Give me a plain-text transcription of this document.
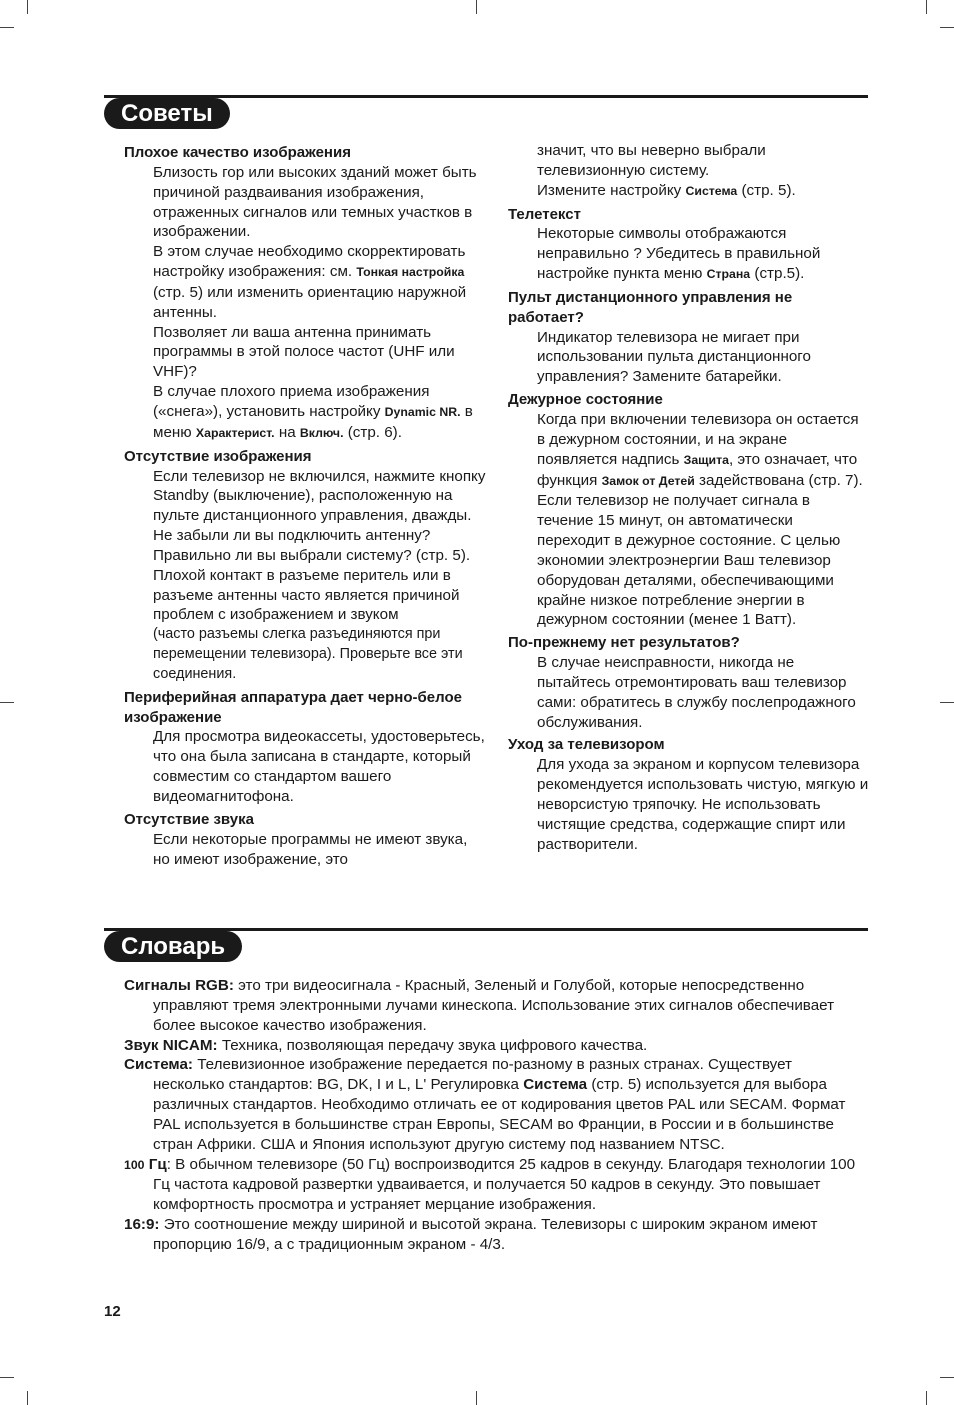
Советы

Плохое качество изображения

Близость гор или высоких зданий может быть причиной раздваивания изображения, отраженных сигналов или темных участков в изображении.

В этом случае необходимо скорректировать настройку изображения: см. Тонкая настройка (стр. 5) или изменить ориентацию наружной антенны.

Позволяет ли ваша антенна принимать программы в этой полосе частот (UHF или VHF)?

В случае плохого приема изображения («снега»), установить настройку Dynamic NR. в меню Характерист. на Включ. (стр. 6).

Отсутствие изображения

Если телевизор не включился, нажмите кнопку Standby (выключение), расположенную на пульте дистанционного управления, дважды.

Не забыли ли вы подключить антенну?

Правильно ли вы выбрали систему? (стр. 5).

Плохой контакт в разъеме перитель или в разъеме антенны часто является причиной проблем с изображением и звуком

(часто разъемы слегка разъединяются при перемещении телевизора). Проверьте все эти соединения.

Периферийная аппаратура дает черно-белое изображение

Для просмотра видеокассеты, удостоверьтесь, что она была записана в стандарте, который совместим со стандартом вашего видеомагнитофона.

Отсутствие звука

Если некоторые программы не имеют звука, но имеют изображение, это

значит, что вы неверно выбрали телевизионную систему.

Измените настройку Система (стр. 5).

Телетекст

Некоторые символы отображаются неправильно ? Убедитесь в правильной настройке пункта меню Страна (стр.5).

Пульт дистанционного управления не работает?

Индикатор телевизора не мигает при использовании пульта дистанционного управления? Замените батарейки.

Дежурное состояние

Когда при включении телевизора он остается в дежурном состоянии, и на экране появляется надпись Защита, это означает, что функция Замок от Детей задействована (стр. 7). Если телевизор не получает сигнала в течение 15 минут, он автоматически переходит в дежурное состояние. С целью экономии электроэнергии Ваш телевизор оборудован деталями, обеспечивающими крайне низкое потребление энергии в дежурном состоянии (менее 1 Ватт).

По-прежнему нет результатов?

В случае неисправности, никогда не пытайтесь отремонтировать ваш телевизор сами: обратитесь в службу послепродажного обслуживания.

Уход за телевизором

Для ухода за экраном и корпусом телевизора рекомендуется использовать чистую, мягкую и неворсистую тряпочку. Не использовать чистящие средства, содержащие спирт или растворители.

Словарь

Сигналы RGB: это три видеосигнала - Красный, Зеленый и Голубой, которые непосредственно управляют тремя электронными лучами кинескопа. Использование этих сигналов обеспечивает более высокое качество изображения.

Звук NICAM: Техника, позволяющая передачу звука цифрового качества.

Система: Телевизионное изображение передается по-разному в разных странах. Существует несколько стандартов: BG, DK, I и L, L' Регулировка Система (стр. 5) используется для выбора различных стандартов. Необходимо отличать ее от кодирования цветов PAL или SECAM. Формат PAL используется в большинстве стран Европы, SECAM во Франции, в России и в большинстве стран Африки. США и Япония используют другую систему под названием NTSC.

100 Гц: В обычном телевизоре (50 Гц) воспроизводится 25 кадров в секунду. Благодаря технологии 100 Гц частота кадровой развертки удваивается, и получается 50 кадров в секунду. Это повышает комфортность просмотра и устраняет мерцание изображения.

16:9: Это соотношение между шириной и высотой экрана. Телевизоры с широким экраном имеют пропорцию 16/9, а с традиционным экраном - 4/3.

12
